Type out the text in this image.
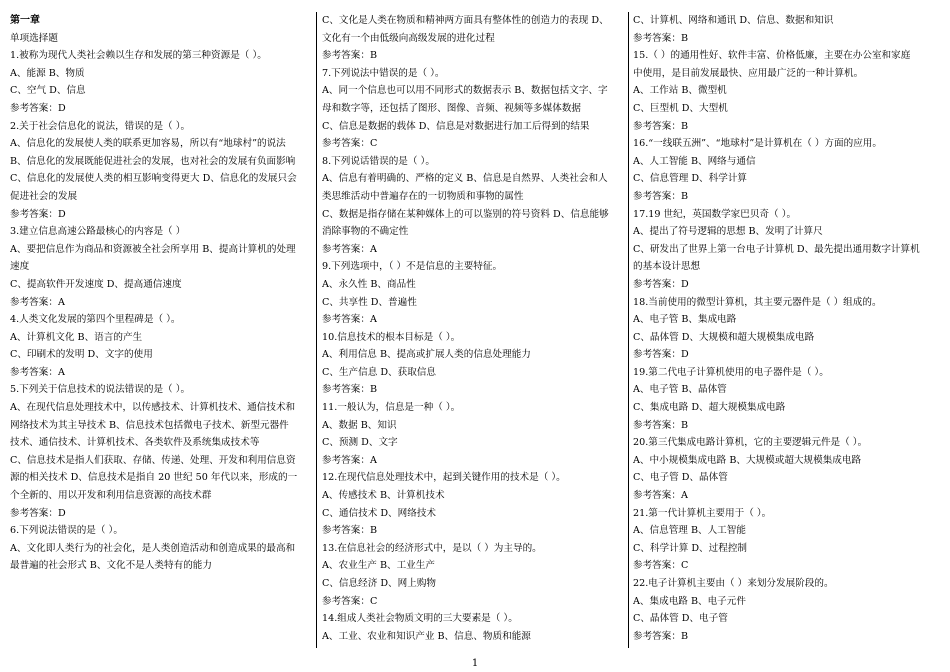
第一章
单项选择题
1.被称为现代人类社会赖以生存和发展的第三种资源是（ ）。
A、能源 B、物质
C、空气 D、信息
参考答案：D
2.关于社会信息化的说法，错误的是（ ）。
A、信息化的发展使人类的联系更加容易，所以有“地球村”的说法
B、信息化的发展既能促进社会的发展，也对社会的发展有负面影响
C、信息化的发展使人类的相互影响变得更大 D、信息化的发展只会
促进社会的发展
参考答案：D
3.建立信息高速公路最核心的内容是（ ）
A、要把信息作为商品和资源被全社会所享用 B、提高计算机的处理
速度
C、提高软件开发速度 D、提高通信速度
参考答案：A
4.人类文化发展的第四个里程碑是（ ）。
A、计算机文化 B、语言的产生
C、印刷术的发明 D、文字的使用
参考答案：A
5.下列关于信息技术的说法错误的是（ ）。
A、在现代信息处理技术中，以传感技术、计算机技术、通信技术和
网络技术为其主导技术 B、信息技术包括微电子技术、新型元器件
技术、通信技术、计算机技术、各类软件及系统集成技术等
C、信息技术是指人们获取、存储、传递、处理、开发和利用信息资
源的相关技术 D、信息技术是指自 20 世纪 50 年代以来，形成的一
个全新的、用以开发和利用信息资源的高技术群
参考答案：D
6.下列说法错误的是（ ）。
A、文化即人类行为的社会化，是人类创造活动和创造成果的最高和
最普遍的社会形式 B、文化不是人类特有的能力
C、文化是人类在物质和精神两方面具有整体性的创造力的表现 D、
文化有一个由低级向高级发展的进化过程
参考答案：B
7.下列说法中错误的是（ ）。
A、同一个信息也可以用不同形式的数据表示 B、数据包括文字、字
母和数字等，还包括了图形、图像、音频、视频等多媒体数据
C、信息是数据的载体 D、信息是对数据进行加工后得到的结果
参考答案：C
8.下列说话错误的是（ ）。
A、信息有着明确的、严格的定义 B、信息是自然界、人类社会和人
类思维活动中普遍存在的一切物质和事物的属性
C、数据是指存储在某种媒体上的可以鉴别的符号资料 D、信息能够
消除事物的不确定性
参考答案：A
9.下列选项中，（ ）不是信息的主要特征。
A、永久性 B、商品性
C、共享性 D、普遍性
参考答案：A
10.信息技术的根本目标是（ ）。
A、利用信息 B、提高或扩展人类的信息处理能力
C、生产信息 D、获取信息
参考答案：B
11.一般认为，信息是一种（ ）。
A、数据 B、知识
C、预测 D、文字
参考答案：A
12.在现代信息处理技术中，起到关键作用的技术是（ ）。
A、传感技术 B、计算机技术
C、通信技术 D、网络技术
参考答案：B
13.在信息社会的经济形式中，是以（ ）为主导的。
A、农业生产 B、工业生产
C、信息经济 D、网上购物
参考答案：C
14.组成人类社会物质文明的三大要素是（ ）。
A、工业、农业和知识产业 B、信息、物质和能源
C、计算机、网络和通讯 D、信息、数据和知识
参考答案：B
15.（ ）的通用性好、软件丰富、价格低廉，主要在办公室和家庭
中使用，是目前发展最快、应用最广泛的一种计算机。
A、工作站 B、微型机
C、巨型机 D、大型机
参考答案：B
16.“一线联五洲”、“地球村”是计算机在（ ）方面的应用。
A、人工智能 B、网络与通信
C、信息管理 D、科学计算
参考答案：B
17.19 世纪，英国数学家巴贝奇（ ）。
A、提出了符号逻辑的思想 B、发明了计算尺
C、研发出了世界上第一台电子计算机 D、最先提出通用数字计算机
的基本设计思想
参考答案：D
18.当前使用的微型计算机，其主要元器件是（ ）组成的。
A、电子管 B、集成电路
C、晶体管 D、大规模和超大规模集成电路
参考答案：D
19.第二代电子计算机使用的电子器件是（ ）。
A、电子管 B、晶体管
C、集成电路 D、超大规模集成电路
参考答案：B
20.第三代集成电路计算机，它的主要逻辑元件是（ ）。
A、中小规模集成电路 B、大规模或超大规模集成电路
C、电子管 D、晶体管
参考答案：A
21.第一代计算机主要用于（ ）。
A、信息管理 B、人工智能
C、科学计算 D、过程控制
参考答案：C
22.电子计算机主要由（ ）来划分发展阶段的。
A、集成电路 B、电子元件
C、晶体管 D、电子管
参考答案：B
1
